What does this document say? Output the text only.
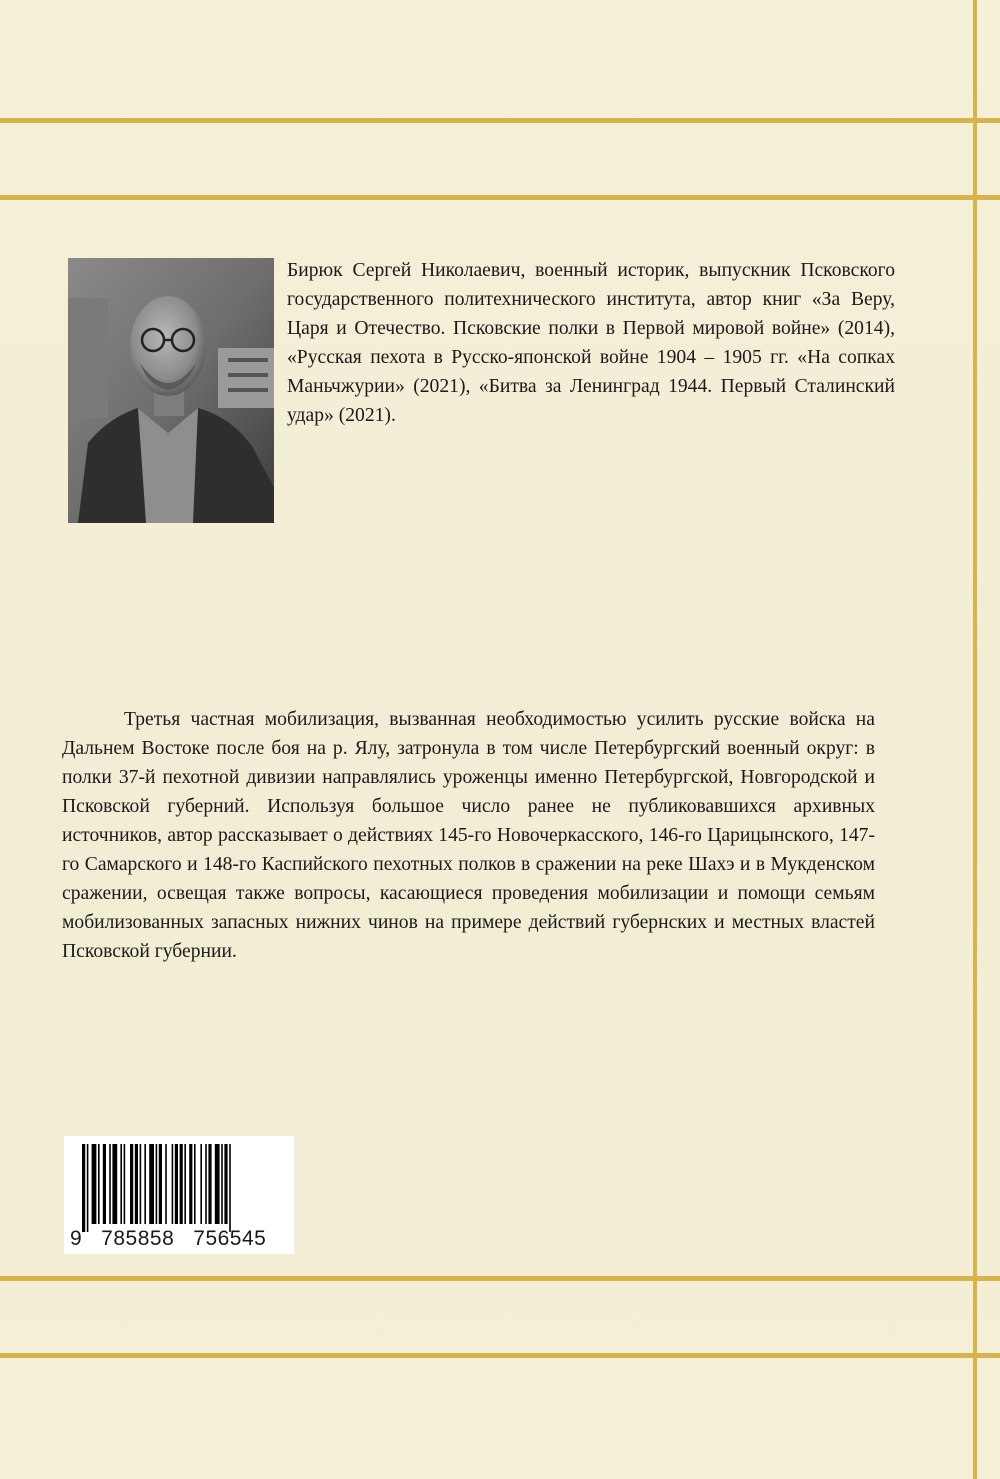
Бирюк Сергей Николаевич, военный историк, выпускник Псковского государственного политехнического института, автор книг «За Веру, Царя и Отечество. Псковские полки в Первой мировой войне» (2014), «Русская пехота в Русско-японской войне 1904 – 1905 гг. «На сопках Маньчжурии» (2021), «Битва за Ленинград 1944. Первый Сталинский удар» (2021).

Третья частная мобилизация, вызванная необходимостью усилить русские войска на Дальнем Востоке после боя на р. Ялу, затронула в том числе Петербургский военный округ: в полки 37-й пехотной дивизии направлялись уроженцы именно Петербургской, Новгородской и Псковской губерний. Используя большое число ранее не публиковавшихся архивных источников, автор рассказывает о действиях 145-го Новочеркасского, 146-го Царицынского, 147-го Самарского и 148-го Каспийского пехотных полков в сражении на реке Шахэ и в Мукденском сражении, освещая также вопросы, касающиеся проведения мобилизации и помощи семьям мобилизованных запасных нижних чинов на примере действий губернских и местных властей Псковской губернии.

9   785858   756545
